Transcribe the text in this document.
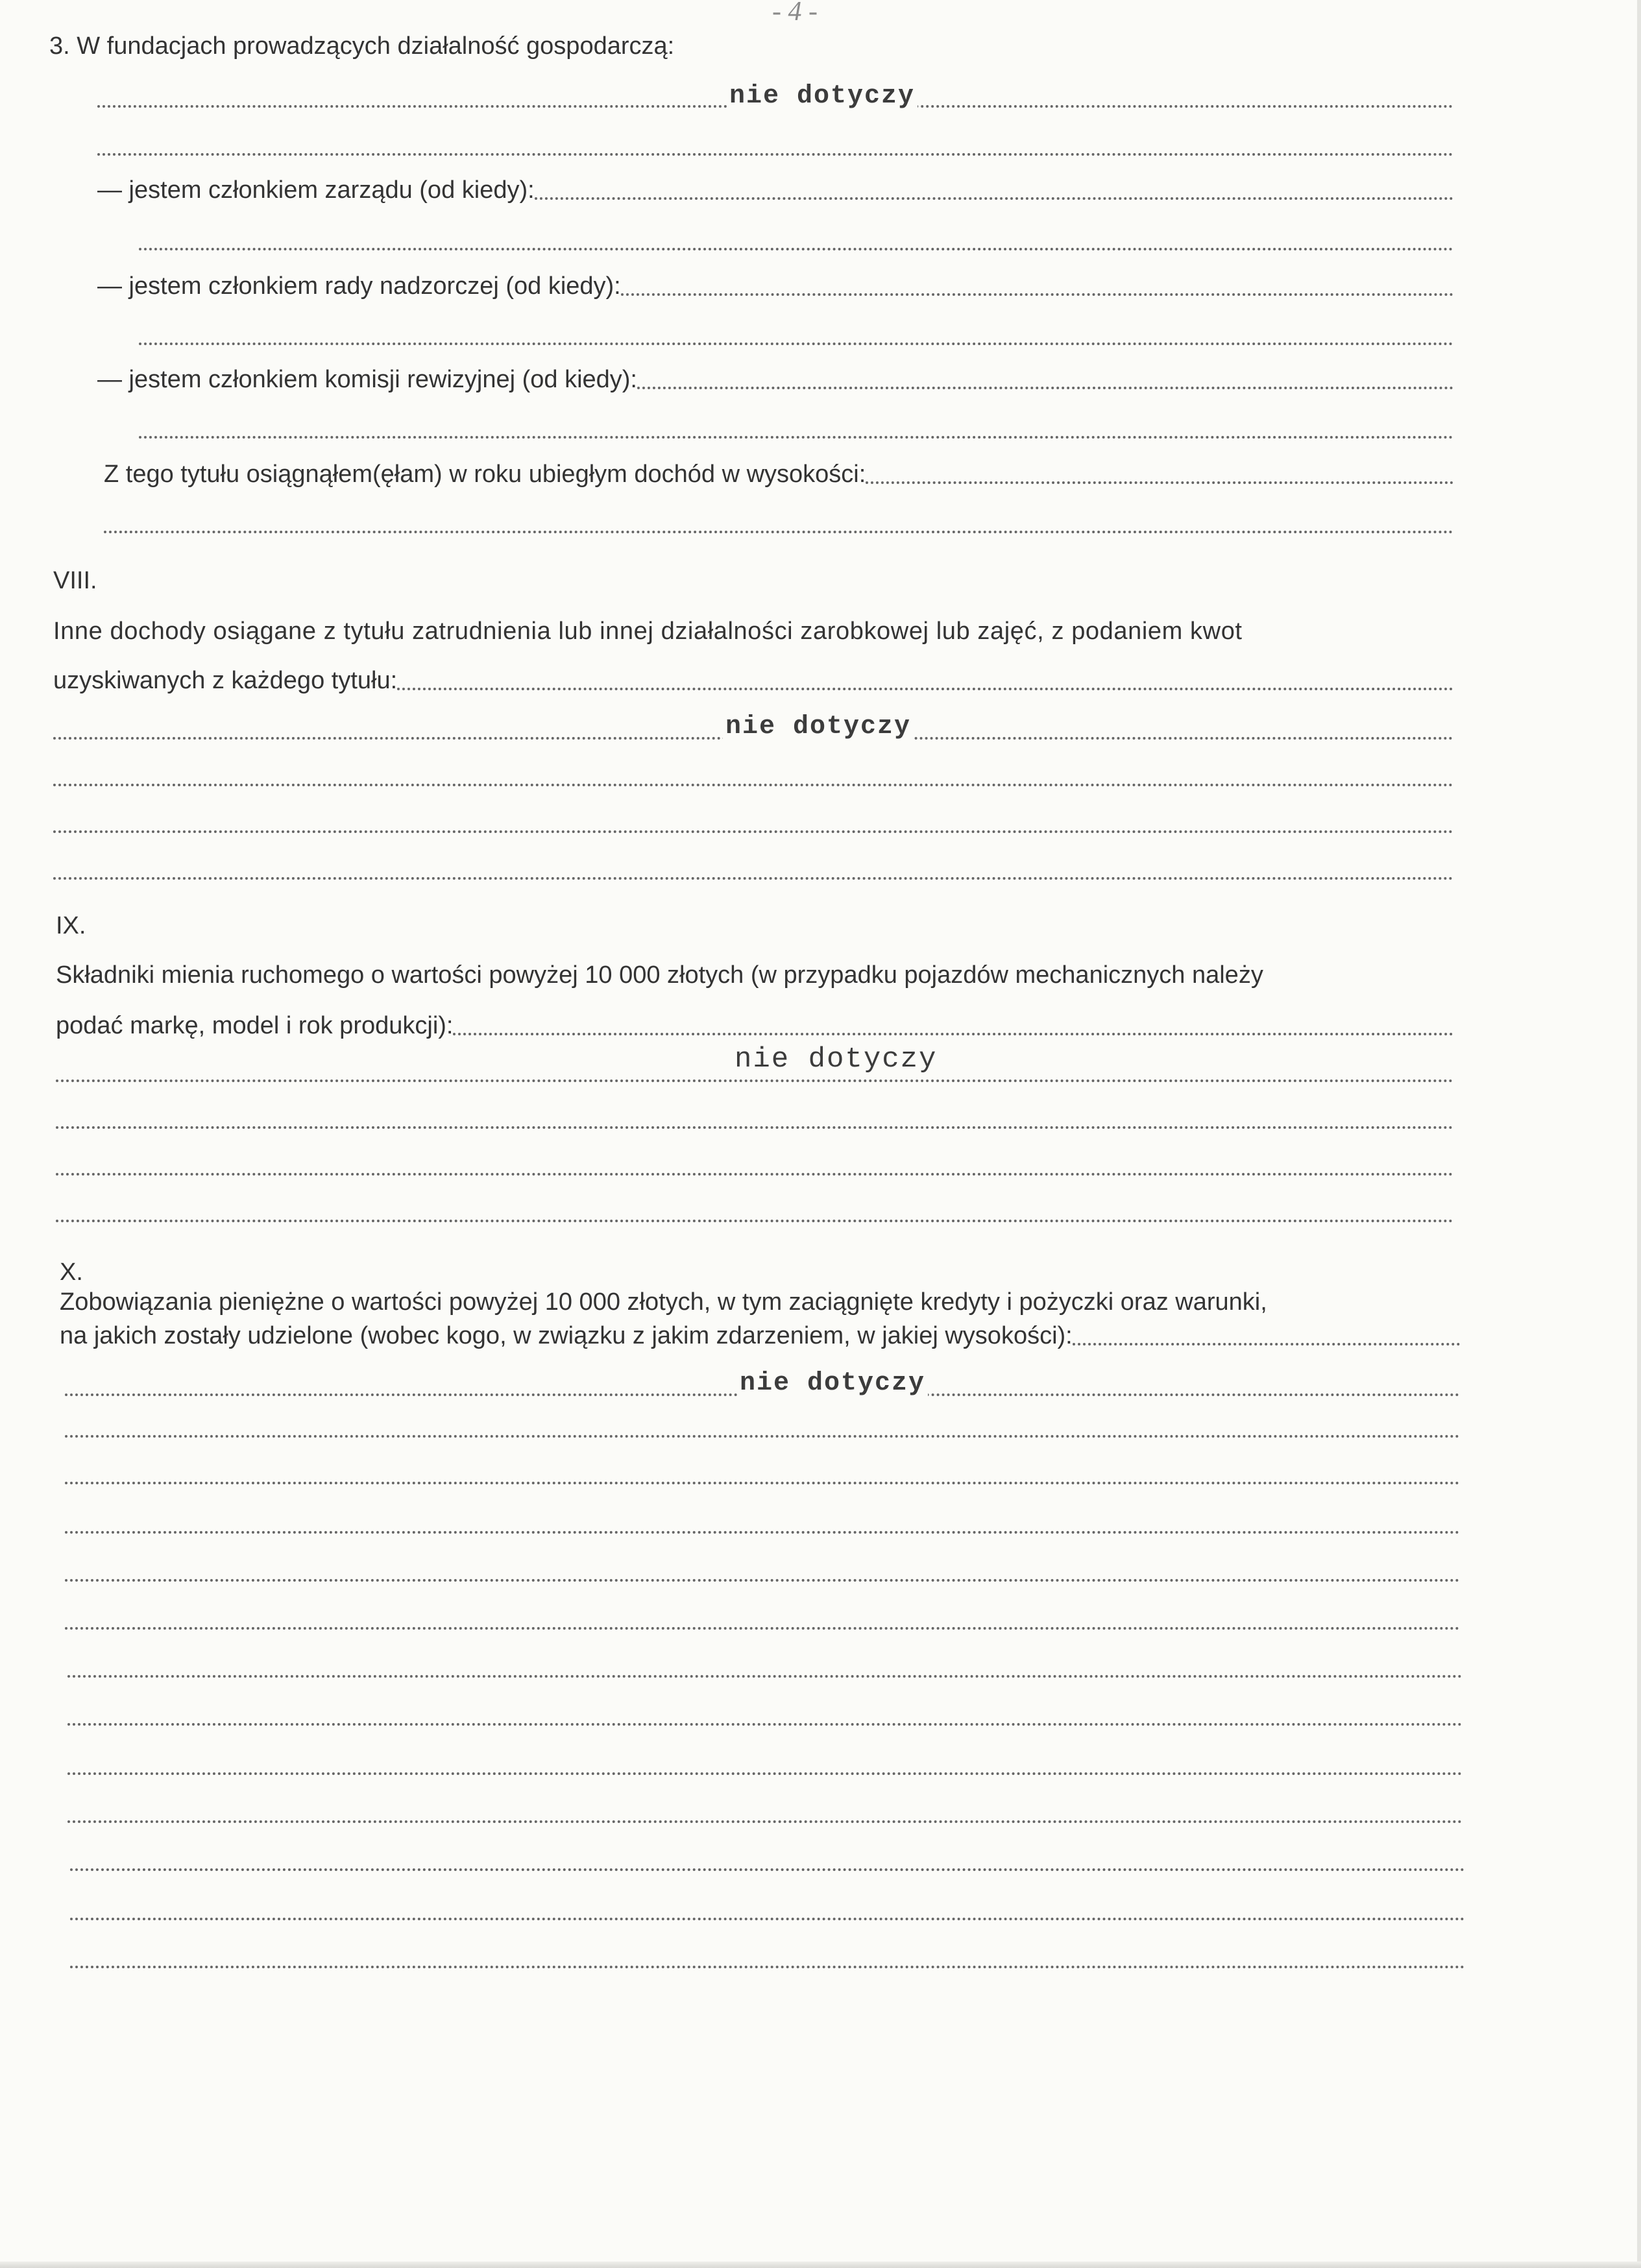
- 4 -
3. W fundacjach prowadzących działalność gospodarczą:
nie dotyczy
— jestem członkiem zarządu (od kiedy):
— jestem członkiem rady nadzorczej (od kiedy):
— jestem członkiem komisji rewizyjnej (od kiedy):
Z tego tytułu osiągnąłem(ęłam) w roku ubiegłym dochód w wysokości:
VIII.
Inne dochody osiągane z tytułu zatrudnienia lub innej działalności zarobkowej lub zajęć, z podaniem kwot
uzyskiwanych z każdego tytułu:
nie dotyczy
IX.
Składniki mienia ruchomego o wartości powyżej 10 000 złotych (w przypadku pojazdów mechanicznych należy
podać markę, model i rok produkcji):
nie dotyczy
X.
Zobowiązania pieniężne o wartości powyżej 10 000 złotych, w tym zaciągnięte kredyty i pożyczki oraz warunki,
na jakich zostały udzielone (wobec kogo, w związku z jakim zdarzeniem, w jakiej wysokości):
nie dotyczy
